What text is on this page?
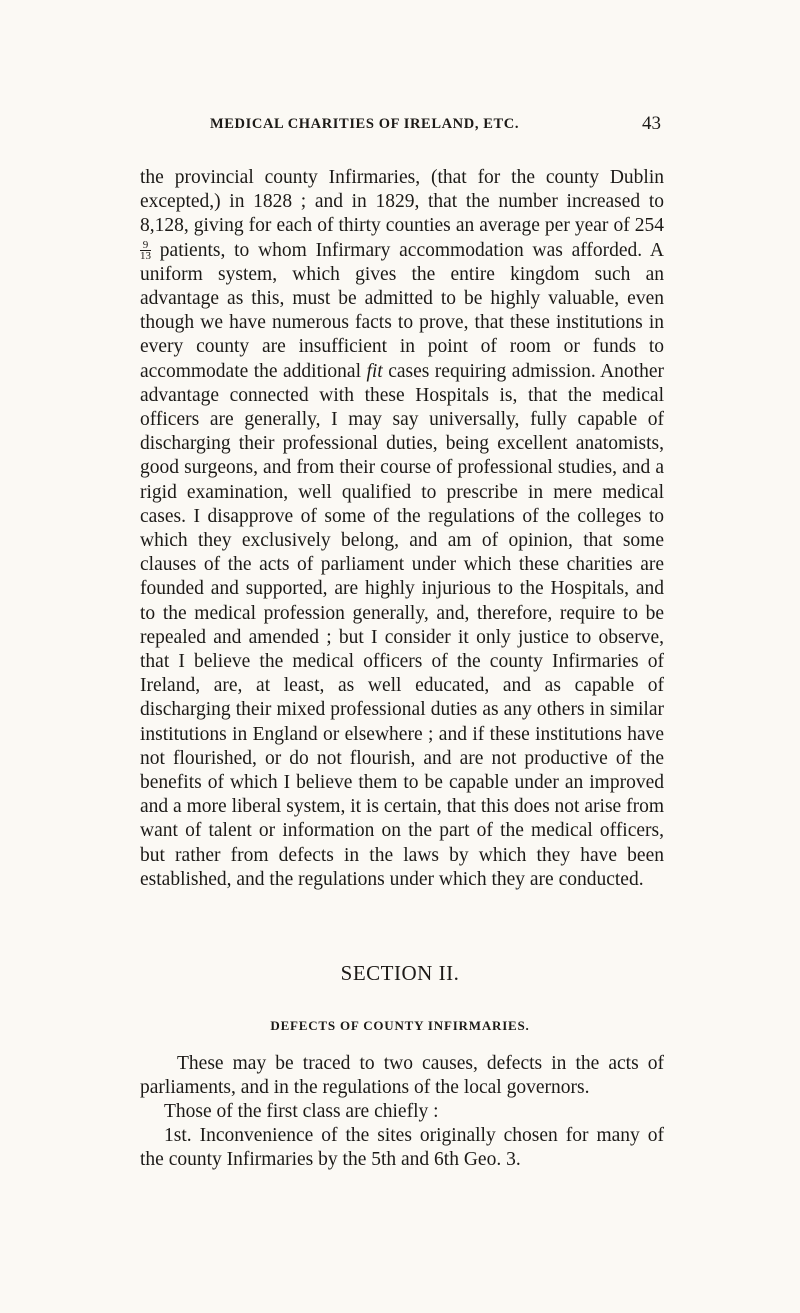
MEDICAL CHARITIES OF IRELAND, ETC.	43

the provincial county Infirmaries, (that for the county Dublin excepted,) in 1828 ; and in 1829, that the number increased to 8,128, giving for each of thirty counties an average per year of 254
$\frac{9}{13}$ patients, to whom Infirmary accommodation was afforded. A uniform system, which gives the entire kingdom such an advantage as this, must be admitted to be highly valuable, even though we have numerous facts to prove, that these institutions in every county are insufficient in point of room or funds to accommodate the additional fit cases requiring admission. Another advantage connected with these Hospitals is, that the medical officers are generally, I may say universally, fully capable of discharging their professional duties, being excellent anatomists, good surgeons, and from their course of professional studies, and a rigid examination, well qualified to prescribe in mere medical cases. I disapprove of some of the regulations of the colleges to which they exclusively belong, and am of opinion, that some clauses of the acts of parliament under which these charities are founded and supported, are highly injurious to the Hospitals, and to the medical profession generally, and, therefore, require to be repealed and amended ; but I consider it only justice to observe, that I believe the medical officers of the county Infirmaries of Ireland, are, at least, as well educated, and as capable of discharging their mixed professional duties as any others in similar institutions in England or elsewhere ; and if these institutions have not flourished, or do not flourish, and are not productive of the benefits of which I believe them to be capable under an improved and a more liberal system, it is certain, that this does not arise from want of talent or information on the part of the medical officers, but rather from defects in the laws by which they have been established, and the regulations under which they are conducted.

SECTION II.
DEFECTS OF COUNTY INFIRMARIES.

These may be traced to two causes, defects in the acts of parliaments, and in the regulations of the local governors.

Those of the first class are chiefly :

1st. Inconvenience of the sites originally chosen for many of the county Infirmaries by the 5th and 6th Geo. 3.
